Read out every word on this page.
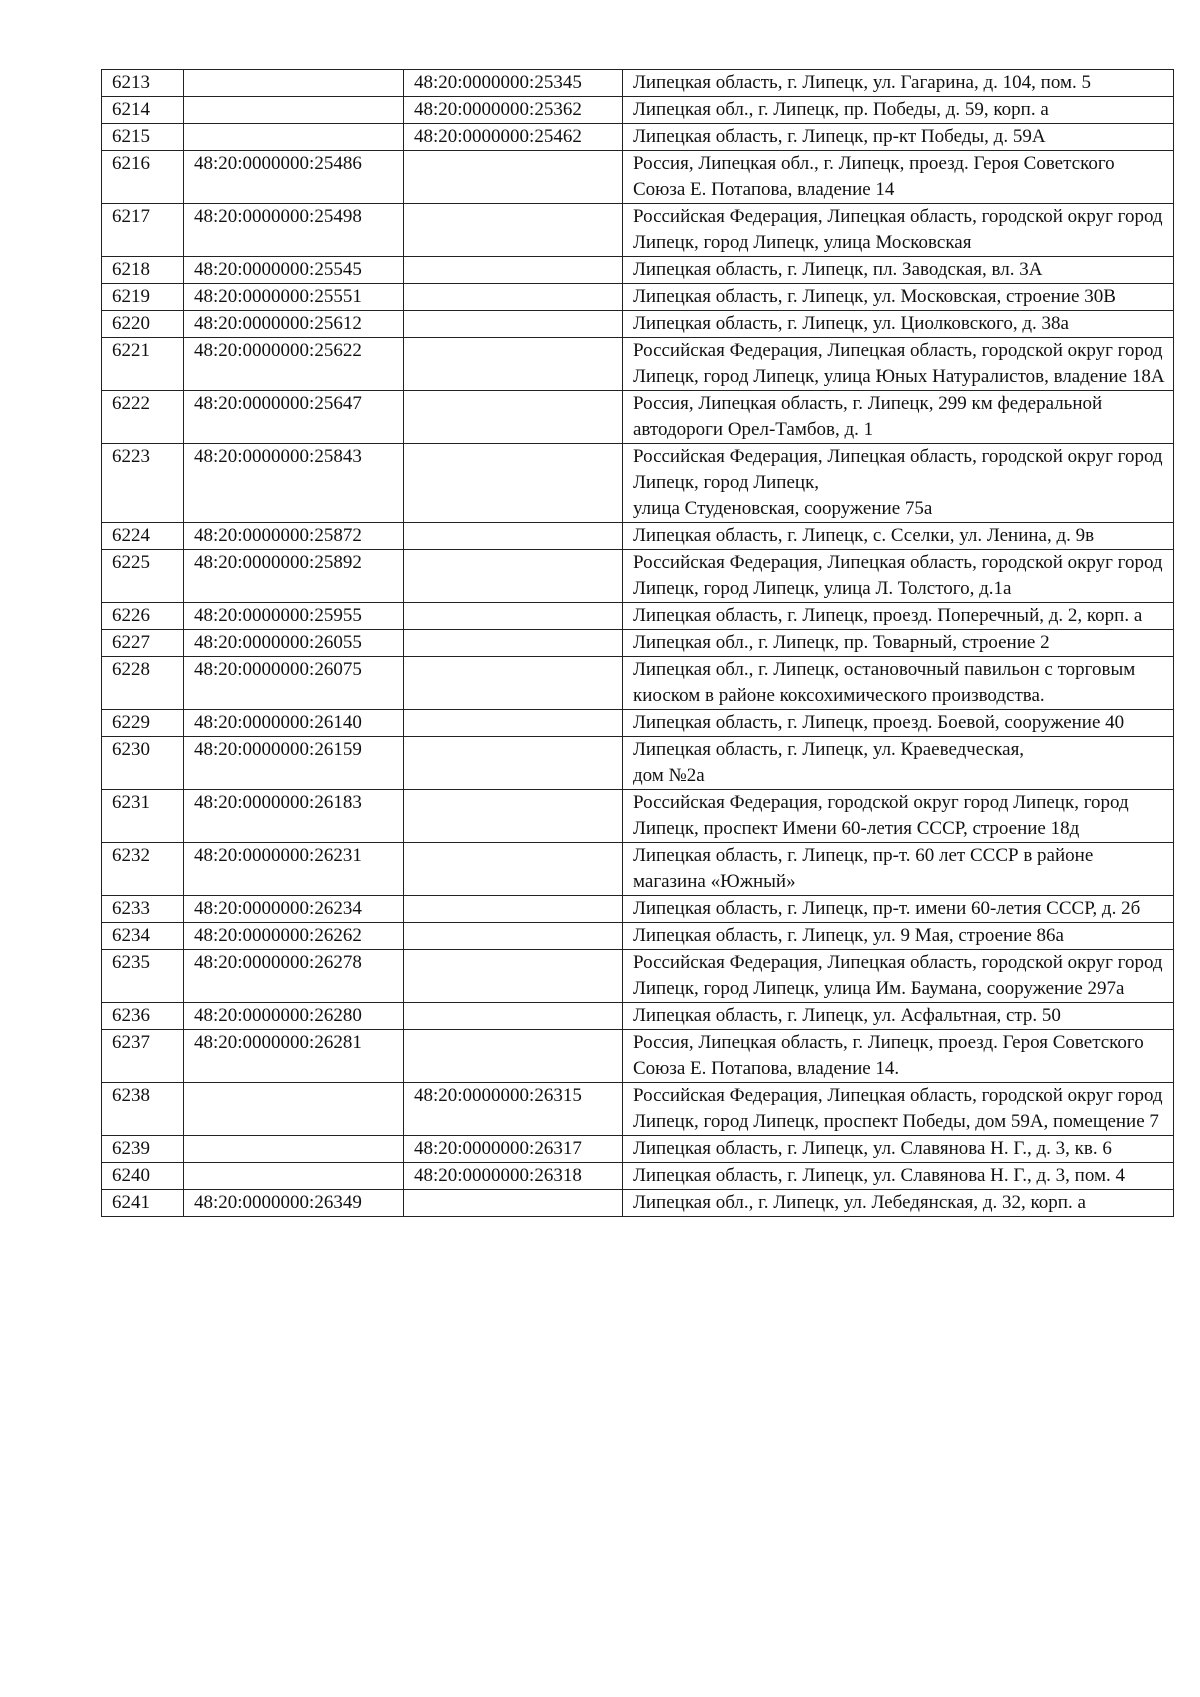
6213		48:20:0000000:25345	Липецкая область, г. Липецк, ул. Гагарина, д. 104, пом. 5
6214		48:20:0000000:25362	Липецкая обл., г. Липецк, пр. Победы, д. 59, корп. а
6215		48:20:0000000:25462	Липецкая область, г. Липецк, пр-кт Победы, д. 59А
6216	48:20:0000000:25486		Россия, Липецкая обл., г. Липецк, проезд. Героя Советского Союза Е. Потапова, владение 14
6217	48:20:0000000:25498		Российская Федерация, Липецкая область, городской округ город Липецк, город Липецк, улица Московская
6218	48:20:0000000:25545		Липецкая область, г. Липецк, пл. Заводская, вл. 3А
6219	48:20:0000000:25551		Липецкая область, г. Липецк, ул. Московская, строение 30В
6220	48:20:0000000:25612		Липецкая область, г. Липецк, ул. Циолковского, д. 38а
6221	48:20:0000000:25622		Российская Федерация, Липецкая область, городской округ город Липецк, город Липецк, улица Юных Натуралистов, владение 18А
6222	48:20:0000000:25647		Россия, Липецкая область, г. Липецк, 299 км федеральной автодороги Орел-Тамбов, д. 1
6223	48:20:0000000:25843		Российская Федерация, Липецкая область, городской округ город Липецк, город Липецк,
улица Студеновская, сооружение 75а
6224	48:20:0000000:25872		Липецкая область, г. Липецк, с. Сселки, ул. Ленина, д. 9в
6225	48:20:0000000:25892		Российская Федерация, Липецкая область, городской округ город Липецк, город Липецк, улица Л. Толстого, д.1а
6226	48:20:0000000:25955		Липецкая область, г. Липецк, проезд. Поперечный, д. 2, корп. а
6227	48:20:0000000:26055		Липецкая обл., г. Липецк, пр. Товарный, строение 2
6228	48:20:0000000:26075		Липецкая обл., г. Липецк, остановочный павильон с торговым киоском в районе коксохимического производства.
6229	48:20:0000000:26140		Липецкая область, г. Липецк, проезд. Боевой, сооружение 40
6230	48:20:0000000:26159		Липецкая область, г. Липецк, ул. Краеведческая,
дом №2а
6231	48:20:0000000:26183		Российская Федерация, городской округ город Липецк, город Липецк, проспект Имени 60-летия СССР, строение 18д
6232	48:20:0000000:26231		Липецкая область, г. Липецк, пр-т. 60 лет СССР в районе магазина «Южный»
6233	48:20:0000000:26234		Липецкая область, г. Липецк, пр-т. имени 60-летия СССР, д. 2б
6234	48:20:0000000:26262		Липецкая область, г. Липецк, ул. 9 Мая, строение 86а
6235	48:20:0000000:26278		Российская Федерация, Липецкая область, городской округ город Липецк, город Липецк, улица Им. Баумана, сооружение 297а
6236	48:20:0000000:26280		Липецкая область, г. Липецк, ул. Асфальтная, стр. 50
6237	48:20:0000000:26281		Россия, Липецкая область, г. Липецк, проезд. Героя Советского Союза Е. Потапова, владение 14.
6238		48:20:0000000:26315	Российская Федерация, Липецкая область, городской округ город Липецк, город Липецк, проспект Победы, дом 59А, помещение 7
6239		48:20:0000000:26317	Липецкая область, г. Липецк, ул. Славянова Н. Г., д. 3, кв. 6
6240		48:20:0000000:26318	Липецкая область, г. Липецк, ул. Славянова Н. Г., д. 3, пом. 4
6241	48:20:0000000:26349		Липецкая обл., г. Липецк, ул. Лебедянская, д. 32, корп. а
